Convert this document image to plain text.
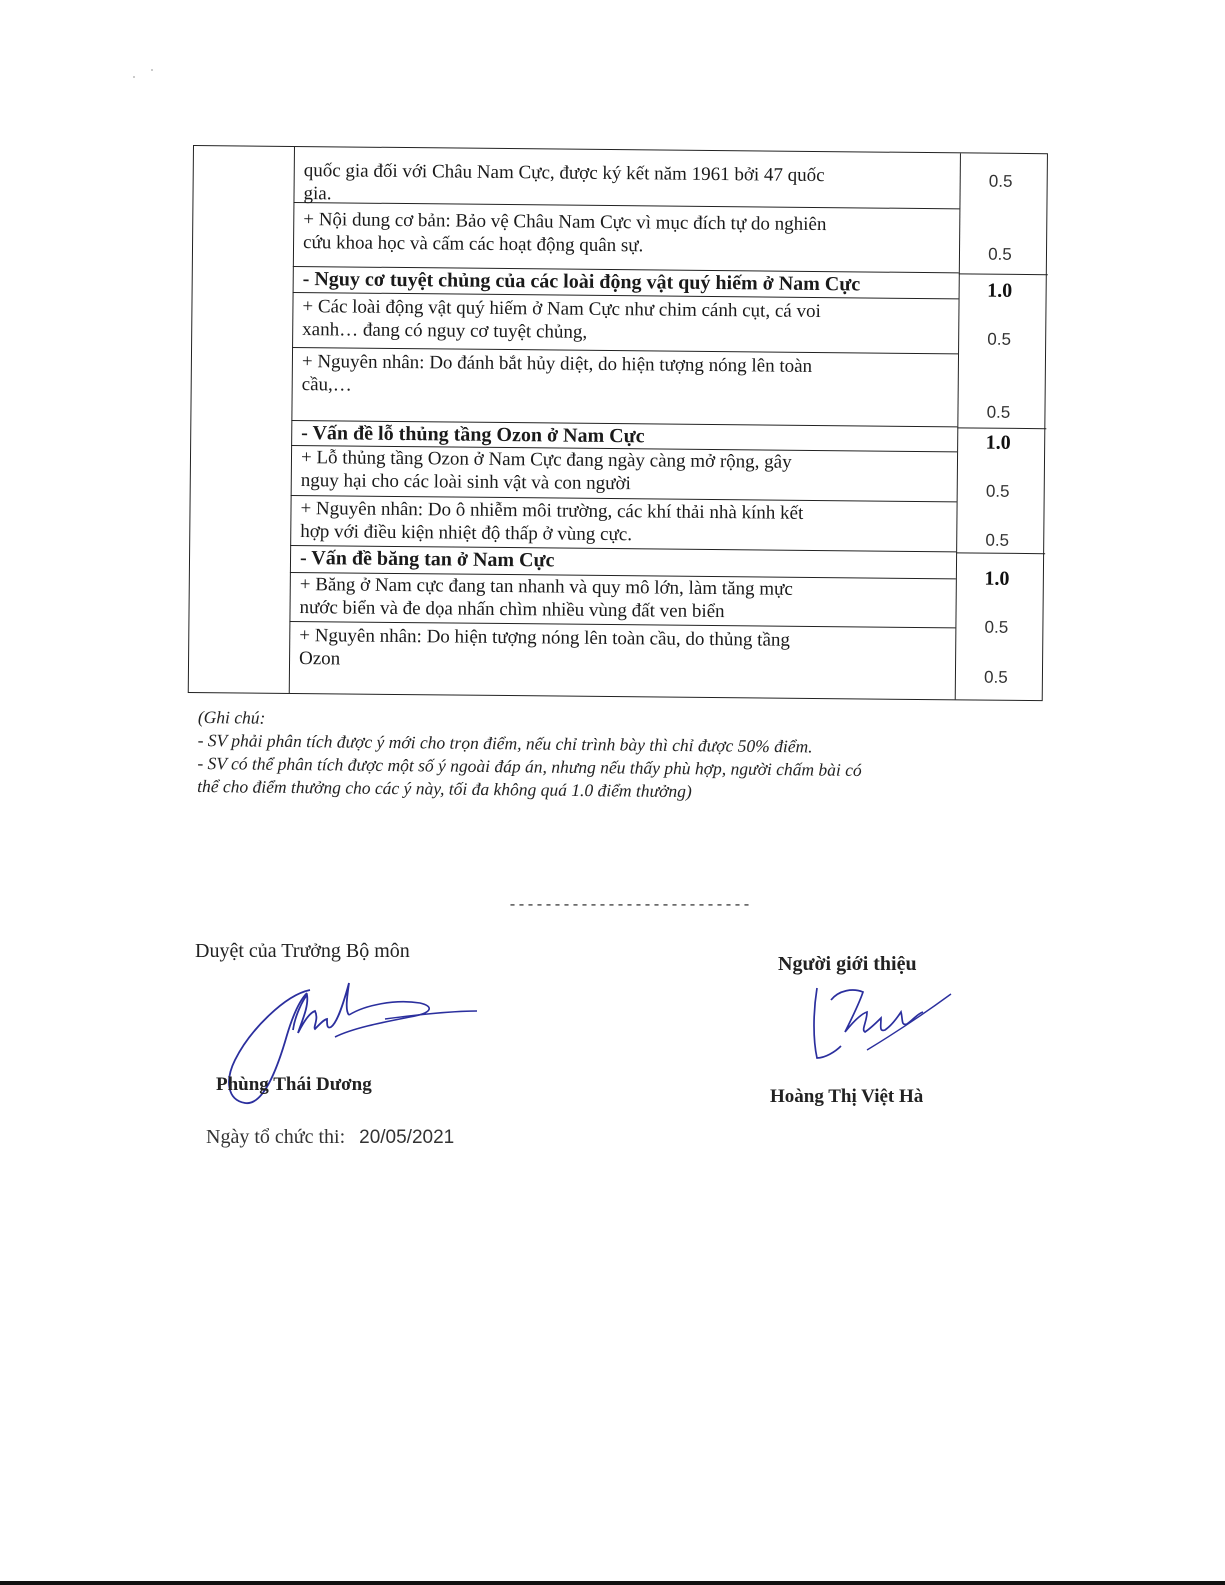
quốc gia đối với Châu Nam Cực, được ký kết năm 1961 bởi 47 quốc
gia.
+ Nội dung cơ bản: Bảo vệ Châu Nam Cực vì mục đích tự do nghiên
cứu khoa học và cấm các hoạt động quân sự.
- Nguy cơ tuyệt chủng của các loài động vật quý hiếm ở Nam Cực
+ Các loài động vật quý hiếm ở Nam Cực như chim cánh cụt, cá voi
xanh… đang có nguy cơ tuyệt chủng,
+ Nguyên nhân: Do đánh bắt hủy diệt, do hiện tượng nóng lên toàn
cầu,…
- Vấn đề lỗ thủng tầng Ozon ở Nam Cực
+ Lỗ thủng tầng Ozon ở Nam Cực đang ngày càng mở rộng, gây
nguy hại cho các loài sinh vật và con người
+ Nguyên nhân: Do ô nhiễm môi trường, các khí thải nhà kính kết
hợp với điều kiện nhiệt độ thấp ở vùng cực.
- Vấn đề băng tan ở Nam Cực
+ Băng ở Nam cực đang tan nhanh và quy mô lớn, làm tăng mực
nước biển và đe dọa nhấn chìm nhiều vùng đất ven biển
+ Nguyên nhân: Do hiện tượng nóng lên toàn cầu, do thủng tầng
Ozon
0.5
0.5
1.0
0.5
0.5
1.0
0.5
0.5
1.0
0.5
0.5

(Ghi chú:

- SV phải phân tích được ý mới cho trọn điểm, nếu chỉ trình bày thì chỉ được 50% điểm.

- SV có thể phân tích được một số ý ngoài đáp án, nhưng nếu thấy phù hợp, người chấm bài có

thể cho điểm thưởng cho các ý này, tối đa không quá 1.0 điểm thưởng)

---------------------------
Duyệt của Trưởng Bộ môn
Phùng Thái Dương
Ngày tổ chức thi: 20/05/2021
Người giới thiệu
Hoàng Thị Việt Hà
